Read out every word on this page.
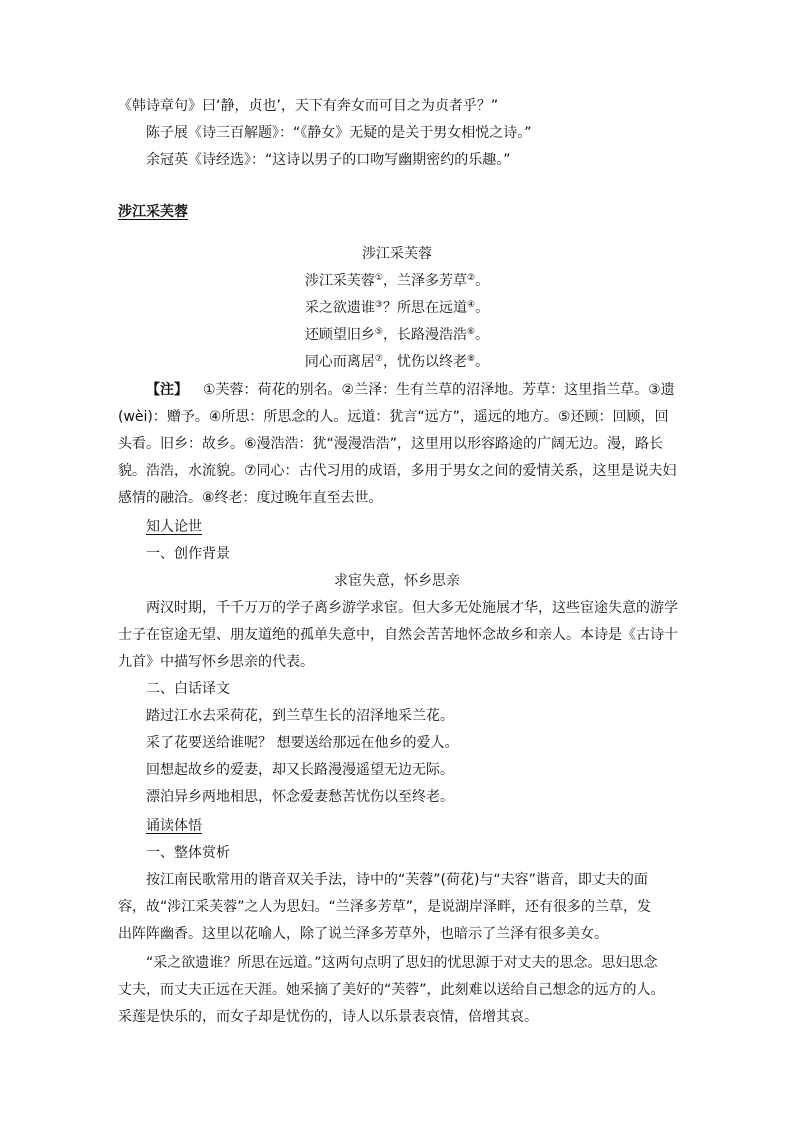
《韩诗章句》曰‘静，贞也’，天下有奔女而可目之为贞者乎？”
陈子展《诗三百解题》：“《静女》无疑的是关于男女相悦之诗。”
余冠英《诗经选》：“这诗以男子的口吻写幽期密约的乐趣。”
涉江采芙蓉
涉江采芙蓉
涉江采芙蓉①，兰泽多芳草②。
采之欲遗谁③？所思在远道④。
还顾望旧乡⑤，长路漫浩浩⑥。
同心而离居⑦，忧伤以终老⑧。
【注】 ①芙蓉：荷花的别名。②兰泽：生有兰草的沼泽地。芳草：这里指兰草。③遗
(wèi)：赠予。④所思：所思念的人。远道：犹言“远方”，遥远的地方。⑤还顾：回顾，回
头看。旧乡：故乡。⑥漫浩浩：犹“漫漫浩浩”，这里用以形容路途的广阔无边。漫，路长
貌。浩浩，水流貌。⑦同心：古代习用的成语，多用于男女之间的爱情关系，这里是说夫妇
感情的融洽。⑧终老：度过晚年直至去世。
知人论世
一、创作背景
求宦失意，怀乡思亲
两汉时期，千千万万的学子离乡游学求宦。但大多无处施展才华，这些宦途失意的游学
士子在宦途无望、朋友道绝的孤单失意中，自然会苦苦地怀念故乡和亲人。本诗是《古诗十
九首》中描写怀乡思亲的代表。
二、白话译文
踏过江水去采荷花，到兰草生长的沼泽地采兰花。
采了花要送给谁呢？ 想要送给那远在他乡的爱人。
回想起故乡的爱妻，却又长路漫漫遥望无边无际。
漂泊异乡两地相思，怀念爱妻愁苦忧伤以至终老。
诵读体悟
一、整体赏析
按江南民歌常用的谐音双关手法，诗中的“芙蓉”(荷花)与“夫容”谐音，即丈夫的面
容，故“涉江采芙蓉”之人为思妇。“兰泽多芳草”，是说湖岸泽畔，还有很多的兰草，发
出阵阵幽香。这里以花喻人，除了说兰泽多芳草外，也暗示了兰泽有很多美女。
“采之欲遗谁？所思在远道。”这两句点明了思妇的忧思源于对丈夫的思念。思妇思念
丈夫，而丈夫正远在天涯。她采摘了美好的“芙蓉”，此刻难以送给自己想念的远方的人。
采莲是快乐的，而女子却是忧伤的，诗人以乐景表哀情，倍增其哀。
